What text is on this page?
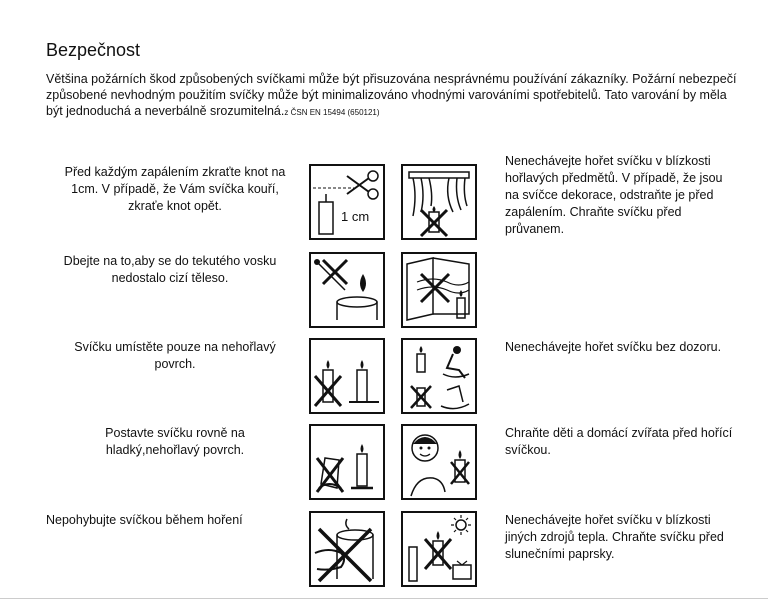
Bezpečnost
Většina požárních škod způsobených svíčkami může být přisuzována nesprávnému používání zákazníky. Požární nebezpečí způsobené nevhodným použitím svíčky může být minimalizováno vhodnými varováními spotřebitelů. Tato varování by měla být jednoduchá a neverbálně srozumitelná.z ČSN EN 15494 (650121)
Před každým zapálením zkraťte knot na 1cm. V případě, že Vám svíčka kouří, zkraťe knot opět.
1 cm
Nenechávejte hořet svíčku v blízkosti hořlavých předmětů. V případě, že jsou na svíčce dekorace, odstraňte je před zapálením. Chraňte svíčku před průvanem.
Dbejte na to,aby se do tekutého vosku nedostalo cizí těleso.
Svíčku umístěte pouze na nehořlavý povrch.
Nenechávejte hořet svíčku bez dozoru.
Postavte svíčku rovně na hladký,nehořlavý povrch.
Chraňte děti a domácí zvířata před hořící svíčkou.
Nepohybujte svíčkou během hoření	Nenechávejte hořet svíčku v blízkosti jiných zdrojů tepla. Chraňte svíčku před slunečními paprsky.
